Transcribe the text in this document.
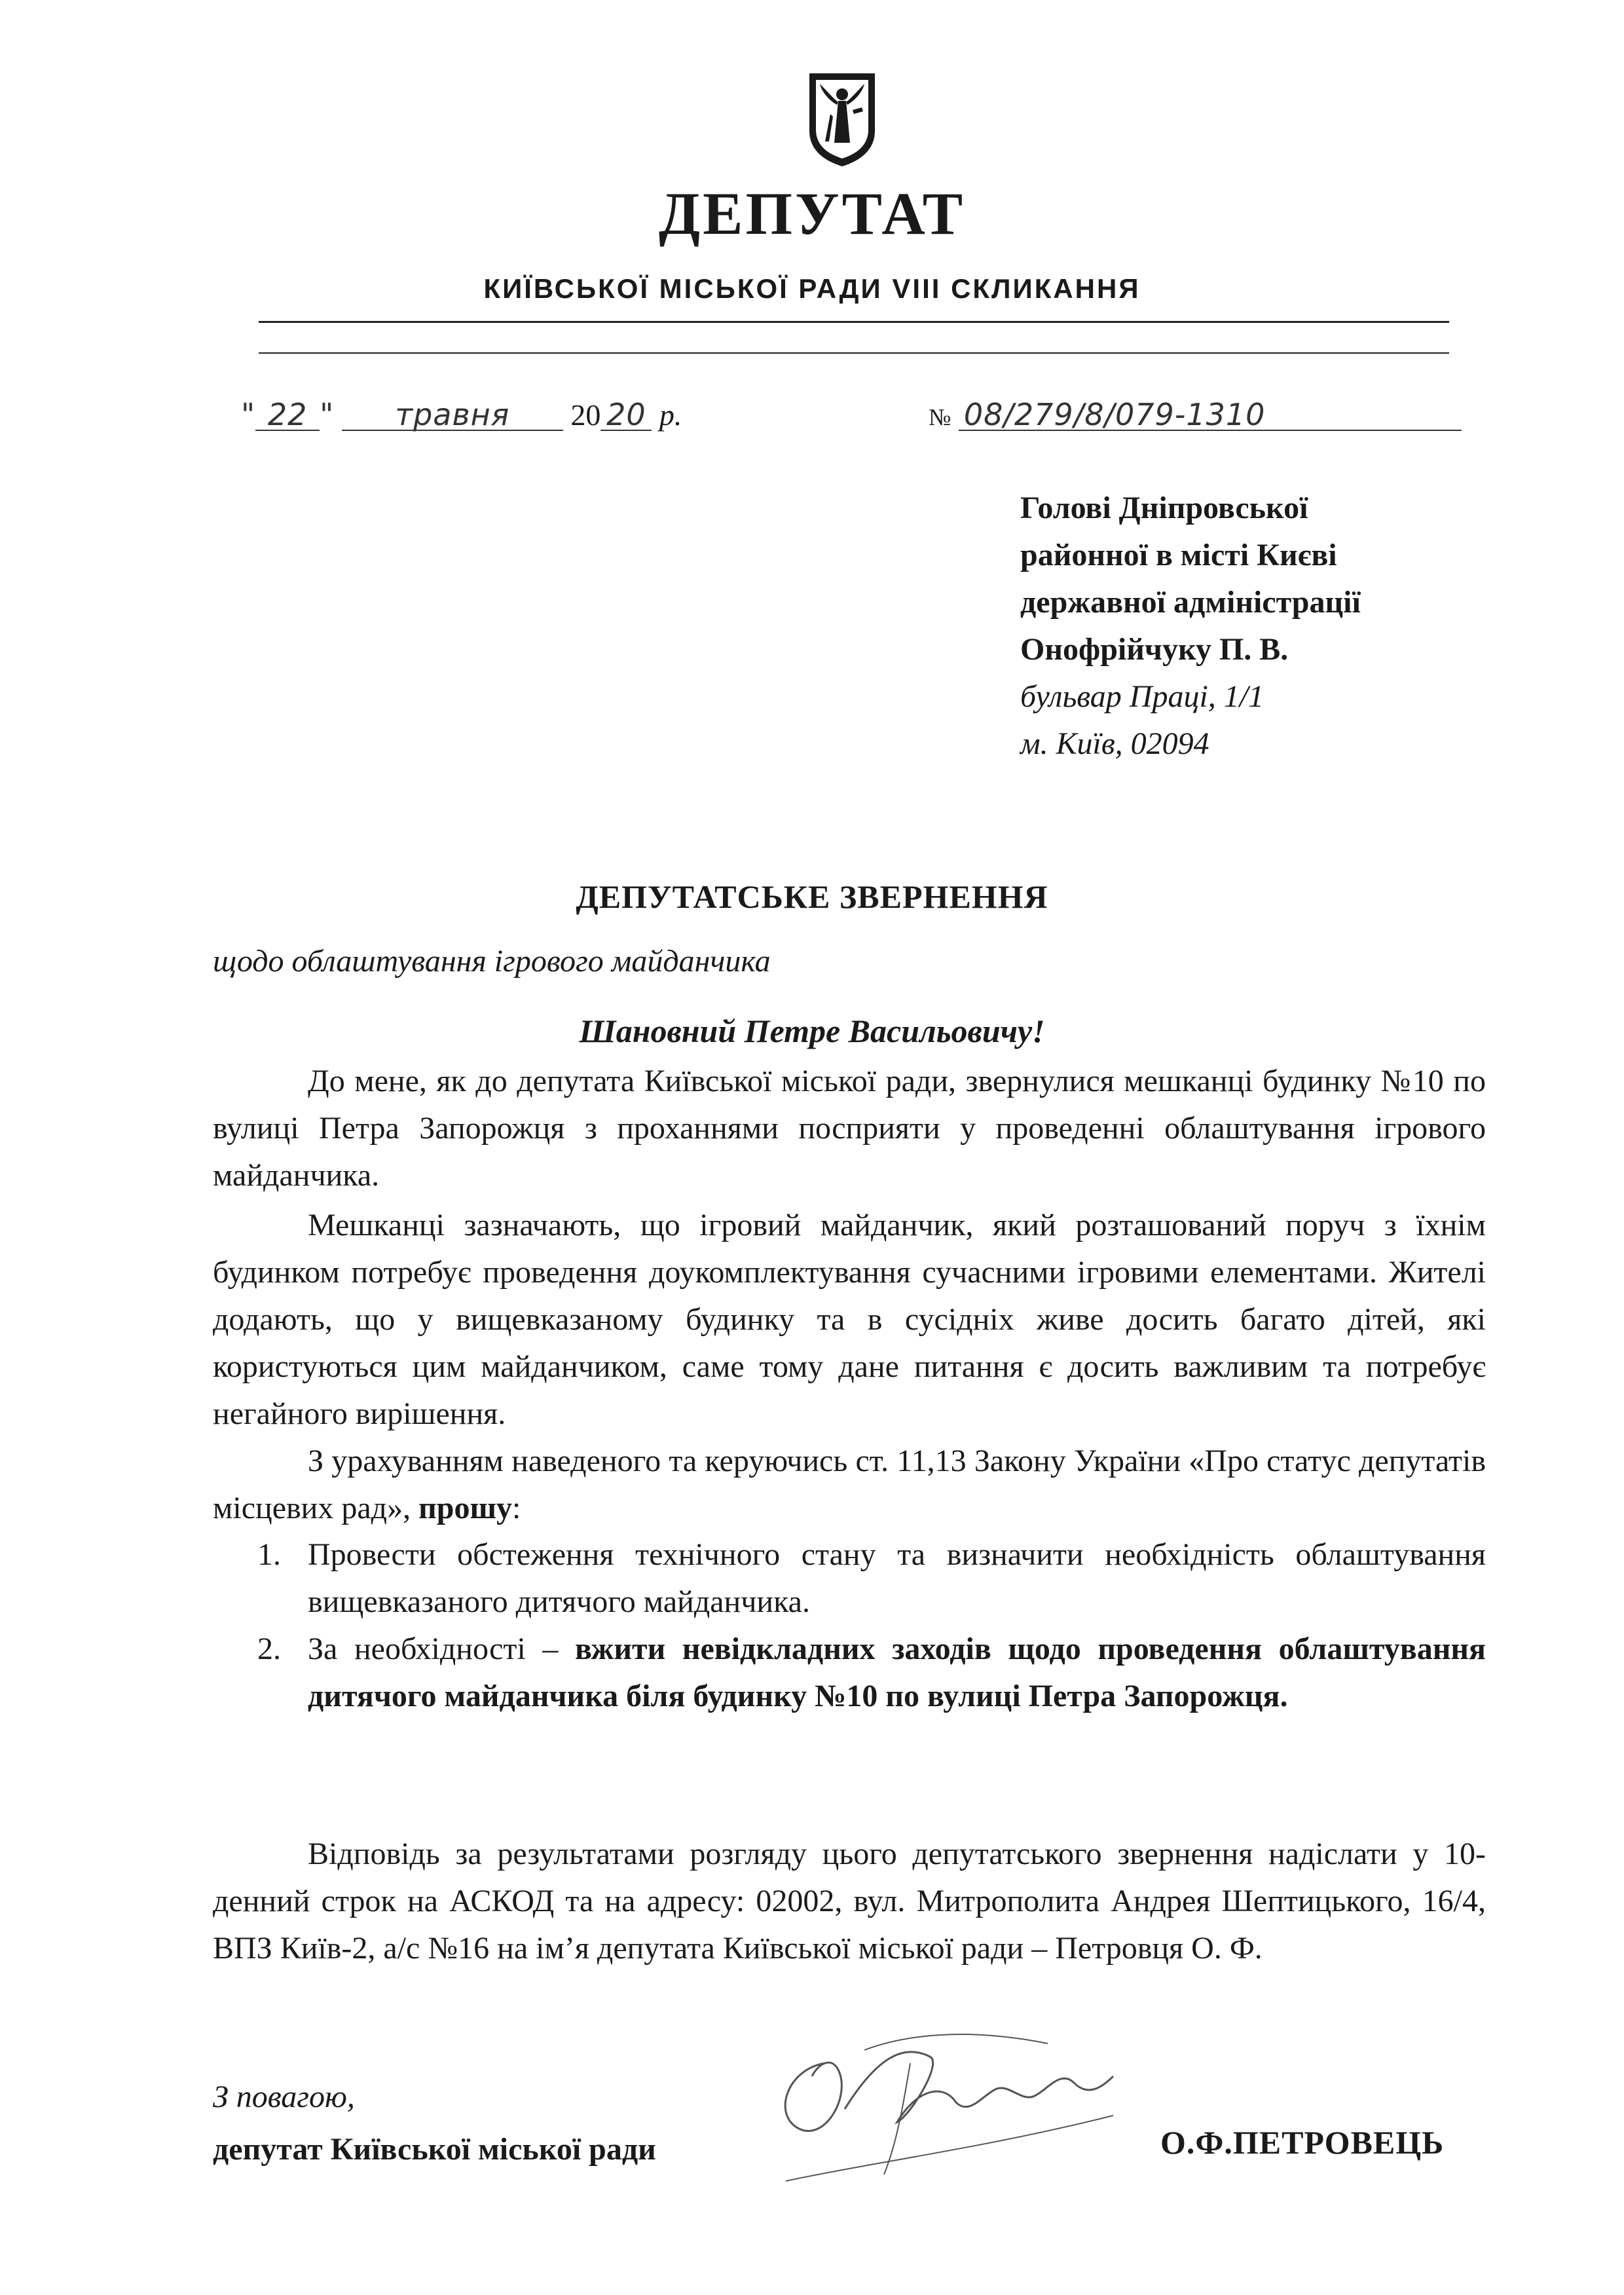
ДЕПУТАТ
КИЇВСЬКОЇ МІСЬКОЇ РАДИ VIII СКЛИКАННЯ
" 22 " травня 20 20 р.	№ 08/279/8/079-1310
Голові Дніпровської
районної в місті Києві
державної адміністрації
Онофрійчуку П. В.
бульвар Праці, 1/1
м. Київ, 02094
ДЕПУТАТСЬКЕ ЗВЕРНЕННЯ
щодо облаштування ігрового майданчика
Шановний Петре Васильовичу!

До мене, як до депутата Київської міської ради, звернулися мешканці будинку №10 по вулиці Петра Запорожця з проханнями посприяти у проведенні облаштування ігрового майданчика.

Мешканці зазначають, що ігровий майданчик, який розташований поруч з їхнім будинком потребує проведення доукомплектування сучасними ігровими елементами. Жителі додають, що у вищевказаному будинку та в сусідніх живе досить багато дітей, які користуються цим майданчиком, саме тому дане питання є досить важливим та потребує негайного вирішення.

З урахуванням наведеного та керуючись ст. 11,13 Закону України «Про статус депутатів місцевих рад», прошу:

1. Провести обстеження технічного стану та визначити необхідність облаштування вищевказаного дитячого майданчика.
2. За необхідності – вжити невідкладних заходів щодо проведення облаштування дитячого майданчика біля будинку №10 по вулиці Петра Запорожця.

Відповідь за результатами розгляду цього депутатського звернення надіслати у 10-денний строк на АСКОД та на адресу: 02002, вул. Митрополита Андрея Шептицького, 16/4, ВПЗ Київ-2, а/с №16 на ім’я депутата Київської міської ради – Петровця О. Ф.

З повагою,
депутат Київської міської ради	О.Ф.ПЕТРОВЕЦЬ
